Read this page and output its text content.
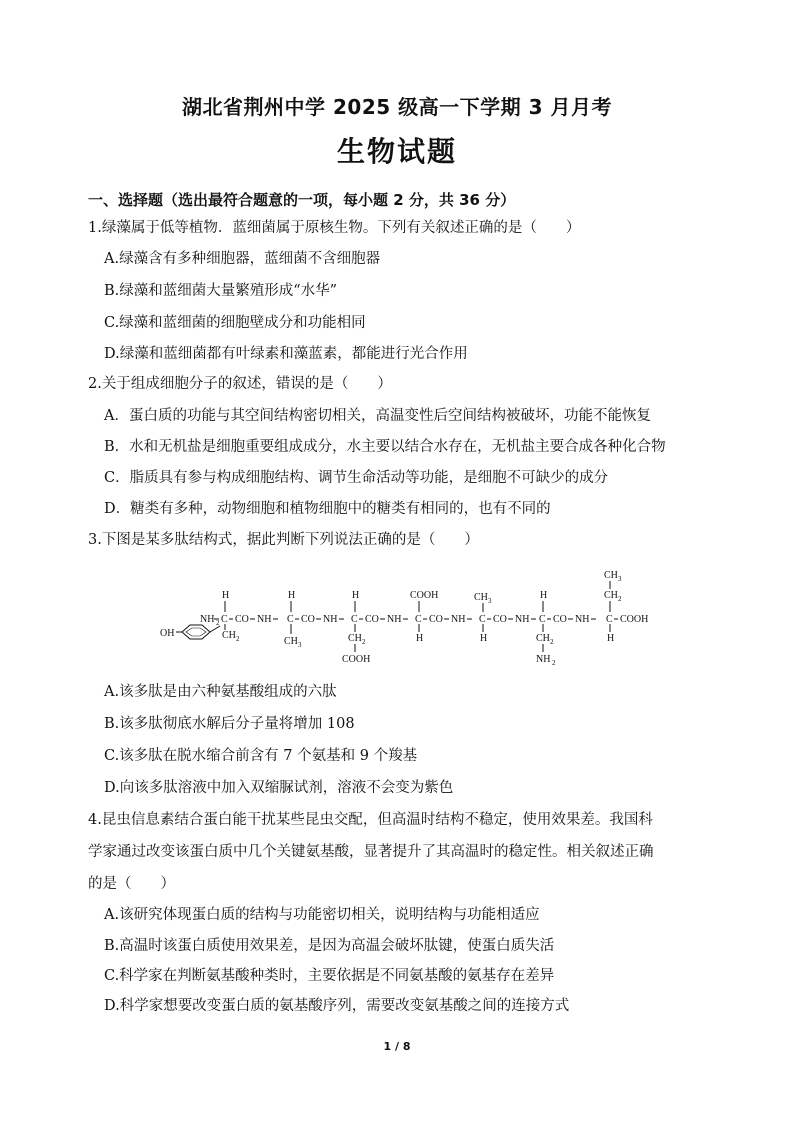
湖北省荆州中学 2025 级高一下学期 3 月月考
生物试题
一、选择题（选出最符合题意的一项，每小题 2 分，共 36 分）
1.绿藻属于低等植物．蓝细菌属于原核生物。下列有关叙述正确的是（　　）
A.绿藻含有多种细胞器，蓝细菌不含细胞器
B.绿藻和蓝细菌大量繁殖形成“水华”
C.绿藻和蓝细菌的细胞壁成分和功能相同
D.绿藻和蓝细菌都有叶绿素和藻蓝素，都能进行光合作用
2.关于组成细胞分子的叙述，错误的是（　　）
A．蛋白质的功能与其空间结构密切相关，高温变性后空间结构被破坏，功能不能恢复
B．水和无机盐是细胞重要组成成分，水主要以结合水存在，无机盐主要合成各种化合物
C．脂质具有参与构成细胞结构、调节生命活动等功能，是细胞不可缺少的成分
D．糖类有多种，动物细胞和植物细胞中的糖类有相同的，也有不同的
3.下图是某多肽结构式，据此判断下列说法正确的是（　　）
OH
H
NH 2 C CO
CH 2
NH
H
C CO
CH 3
NH
H
C CO
CH 2
COOH
NH
COOH
C CO
H
NH
CH 3
C CO
H
NH
H
C CO
CH 2
NH 2
NH
CH 3
CH 2
C COOH
H
A.该多肽是由六种氨基酸组成的六肽
B.该多肽彻底水解后分子量将增加 108
C.该多肽在脱水缩合前含有 7 个氨基和 9 个羧基
D.向该多肽溶液中加入双缩脲试剂，溶液不会变为紫色
4.昆虫信息素结合蛋白能干扰某些昆虫交配，但高温时结构不稳定，使用效果差。我国科
学家通过改变该蛋白质中几个关键氨基酸，显著提升了其高温时的稳定性。相关叙述正确
的是（　　）
A.该研究体现蛋白质的结构与功能密切相关，说明结构与功能相适应
B.高温时该蛋白质使用效果差，是因为高温会破坏肽键，使蛋白质失活
C.科学家在判断氨基酸种类时，主要依据是不同氨基酸的氨基存在差异
D.科学家想要改变蛋白质的氨基酸序列，需要改变氨基酸之间的连接方式
1 / 8
